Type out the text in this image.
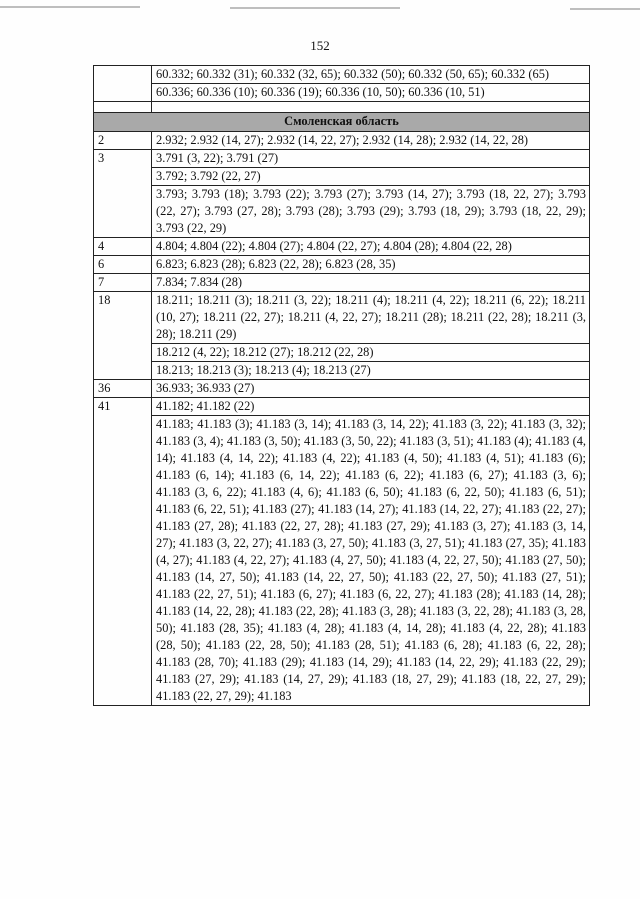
152
	60.332; 60.332 (31); 60.332 (32, 65); 60.332 (50); 60.332 (50, 65); 60.332 (65)
	60.336; 60.336 (10); 60.336 (19); 60.336 (10, 50); 60.336 (10, 51)

Смоленская область	
2	2.932; 2.932 (14, 27); 2.932 (14, 22, 27); 2.932 (14, 28); 2.932 (14, 22, 28)
3	3.791 (3, 22); 3.791 (27)
	3.792; 3.792 (22, 27)
	3.793; 3.793 (18); 3.793 (22); 3.793 (27); 3.793 (14, 27); 3.793 (18, 22, 27); 3.793 (22, 27); 3.793 (27, 28); 3.793 (28); 3.793 (29); 3.793 (18, 29); 3.793 (18, 22, 29); 3.793 (22, 29)
4	4.804; 4.804 (22); 4.804 (27); 4.804 (22, 27); 4.804 (28); 4.804 (22, 28)
6	6.823; 6.823 (28); 6.823 (22, 28); 6.823 (28, 35)
7	7.834; 7.834 (28)
18	18.211; 18.211 (3); 18.211 (3, 22); 18.211 (4); 18.211 (4, 22); 18.211 (6, 22); 18.211 (10, 27); 18.211 (22, 27); 18.211 (4, 22, 27); 18.211 (28); 18.211 (22, 28); 18.211 (3, 28); 18.211 (29)
	18.212 (4, 22); 18.212 (27); 18.212 (22, 28)
	18.213; 18.213 (3); 18.213 (4); 18.213 (27)
36	36.933; 36.933 (27)
41	41.182; 41.182 (22)
	41.183; 41.183 (3); 41.183 (3, 14); 41.183 (3, 14, 22); 41.183 (3, 22); 41.183 (3, 32); 41.183 (3, 4); 41.183 (3, 50); 41.183 (3, 50, 22); 41.183 (3, 51); 41.183 (4); 41.183 (4, 14); 41.183 (4, 14, 22); 41.183 (4, 22); 41.183 (4, 50); 41.183 (4, 51); 41.183 (6); 41.183 (6, 14); 41.183 (6, 14, 22); 41.183 (6, 22); 41.183 (6, 27); 41.183 (3, 6); 41.183 (3, 6, 22); 41.183 (4, 6); 41.183 (6, 50); 41.183 (6, 22, 50); 41.183 (6, 51); 41.183 (6, 22, 51); 41.183 (27); 41.183 (14, 27); 41.183 (14, 22, 27); 41.183 (22, 27); 41.183 (27, 28); 41.183 (22, 27, 28); 41.183 (27, 29); 41.183 (3, 27); 41.183 (3, 14, 27); 41.183 (3, 22, 27); 41.183 (3, 27, 50); 41.183 (3, 27, 51); 41.183 (27, 35); 41.183 (4, 27); 41.183 (4, 22, 27); 41.183 (4, 27, 50); 41.183 (4, 22, 27, 50); 41.183 (27, 50); 41.183 (14, 27, 50); 41.183 (14, 22, 27, 50); 41.183 (22, 27, 50); 41.183 (27, 51); 41.183 (22, 27, 51); 41.183 (6, 27); 41.183 (6, 22, 27); 41.183 (28); 41.183 (14, 28); 41.183 (14, 22, 28); 41.183 (22, 28); 41.183 (3, 28); 41.183 (3, 22, 28); 41.183 (3, 28, 50); 41.183 (28, 35); 41.183 (4, 28); 41.183 (4, 14, 28); 41.183 (4, 22, 28); 41.183 (28, 50); 41.183 (22, 28, 50); 41.183 (28, 51); 41.183 (6, 28); 41.183 (6, 22, 28); 41.183 (28, 70); 41.183 (29); 41.183 (14, 29); 41.183 (14, 22, 29); 41.183 (22, 29); 41.183 (27, 29); 41.183 (14, 27, 29); 41.183 (18, 27, 29); 41.183 (18, 22, 27, 29); 41.183 (22, 27, 29); 41.183
